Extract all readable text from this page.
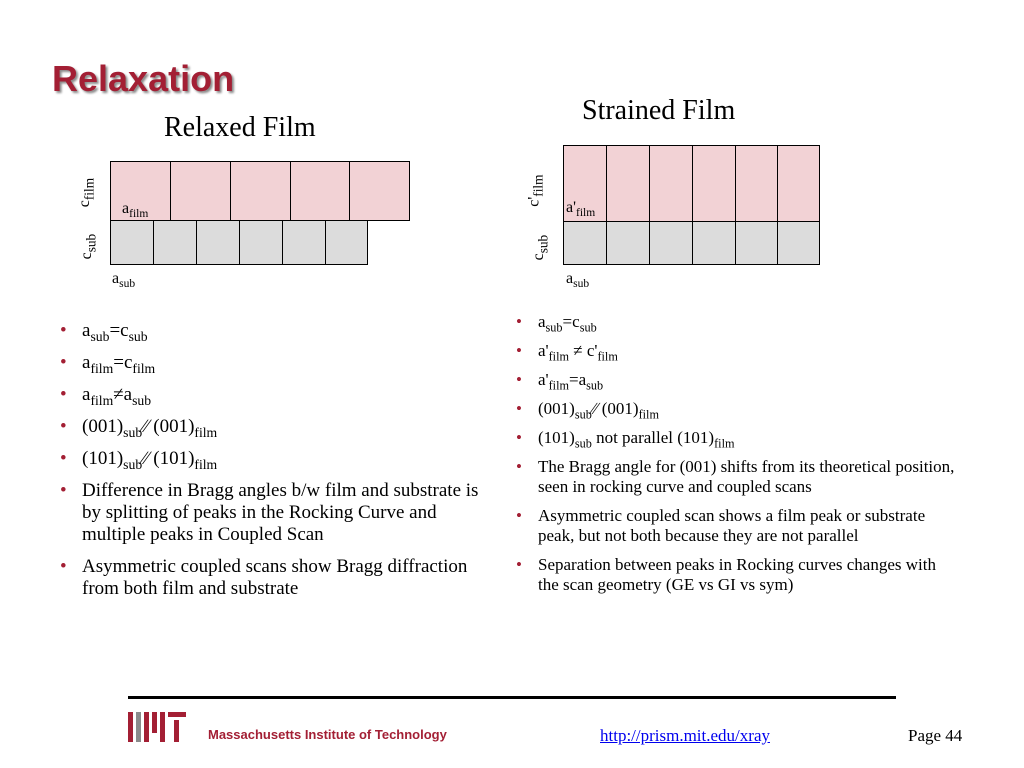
Relaxation
Relaxed Film
$c_{film}$
$a_{film}$
$c_{sub}$
$a_{sub}$
Strained Film
$c'_{film}$
$a'_{film}$
$c_{sub}$
$a_{sub}$
• $a_{sub}=c_{sub}$
• $a_{film}=c_{film}$
• $a_{film}\ne a_{sub}$
• $(001)_{sub}∕∕$ $(001)_{film}$
• $(101)_{sub}∕∕$ $(101)_{film}$
• Difference in Bragg angles b/w film and substrate is by splitting of peaks in the Rocking Curve and multiple peaks in Coupled Scan
• Asymmetric coupled scans show Bragg diffraction from both film and substrate
• $a_{sub}=c_{sub}$
• $a'_{film} \ne c'_{film}$
• $a'_{film}=a_{sub}$
• $(001)_{sub}∕∕$ $(001)_{film}$
• $(101)_{sub}$ not parallel $(101)_{film}$
• The Bragg angle for (001) shifts from its theoretical position, seen in rocking curve and coupled scans
• Asymmetric coupled scan shows a film peak or substrate peak, but not both because they are not parallel
• Separation between peaks in Rocking curves changes with the scan geometry (GE vs GI vs sym)
Massachusetts Institute of Technology	http://prism.mit.edu/xray	Page 44
